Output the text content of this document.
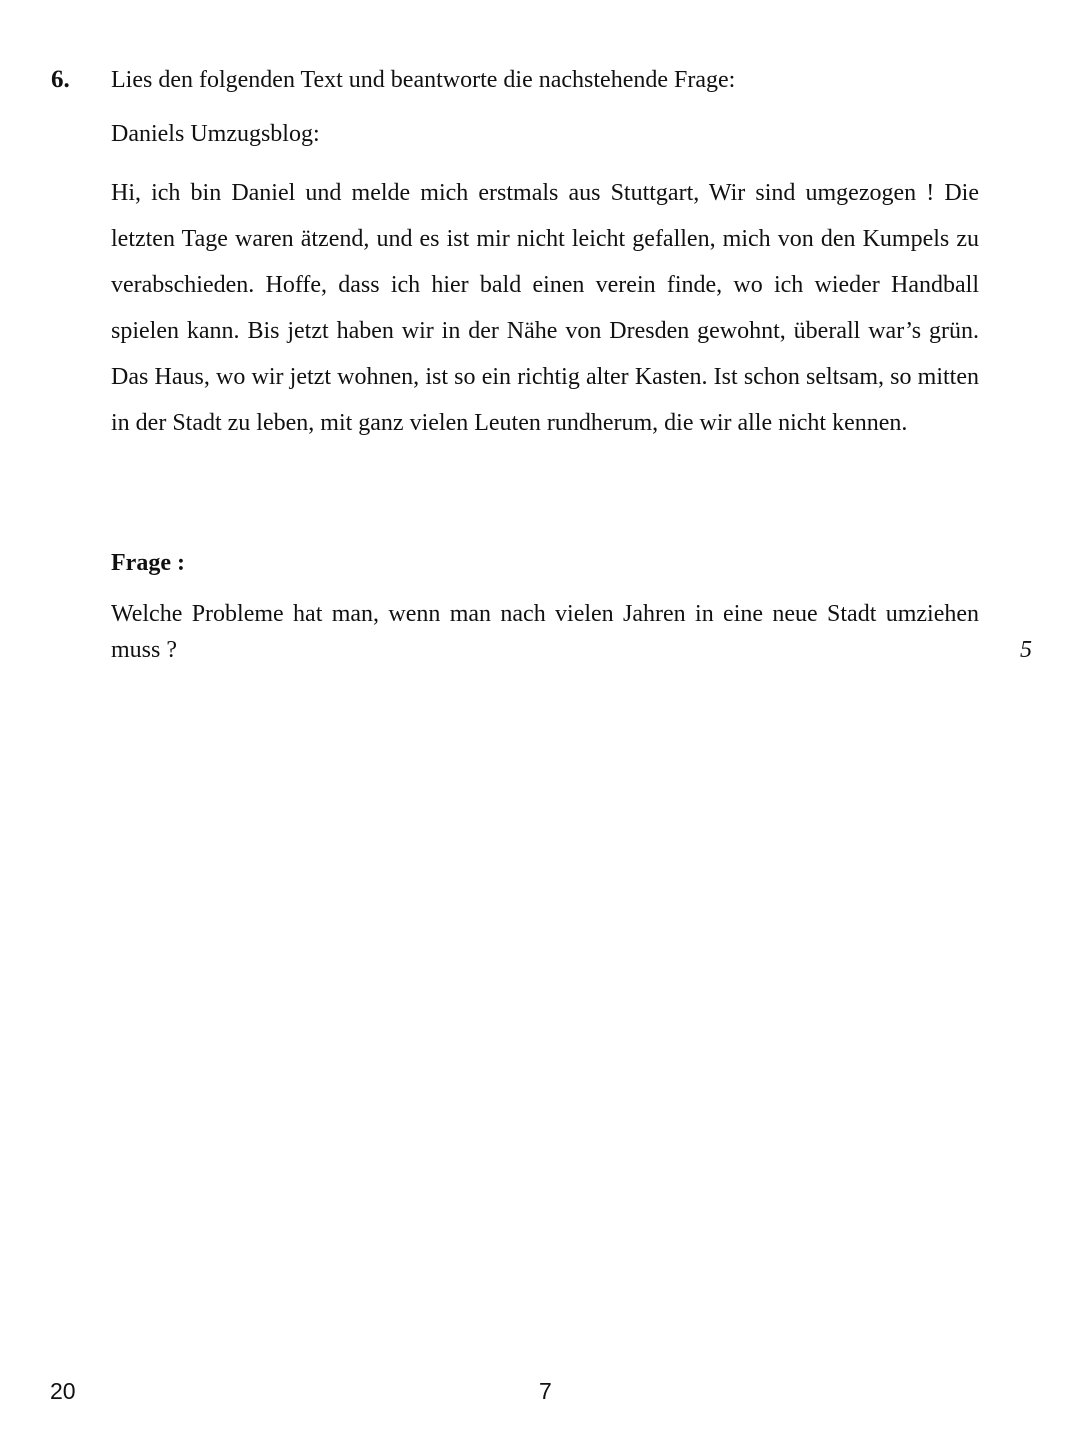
6. Lies den folgenden Text und beantworte die nachstehende Frage:
Daniels Umzugsblog:

Hi, ich bin Daniel und melde mich erstmals aus Stuttgart, Wir sind umgezogen ! Die letzten Tage waren ätzend, und es ist mir nicht leicht gefallen, mich von den Kumpels zu verabschieden. Hoffe, dass ich hier bald einen verein finde, wo ich wieder Handball spielen kann. Bis jetzt haben wir in der Nähe von Dresden gewohnt, überall war’s grün. Das Haus, wo wir jetzt wohnen, ist so ein richtig alter Kasten. Ist schon seltsam, so mitten in der Stadt zu leben, mit ganz vielen Leuten rundherum, die wir alle nicht kennen.

Frage :
Welche Probleme hat man, wenn man nach vielen Jahren in eine neue Stadt umziehen muss ?	5
20	7
